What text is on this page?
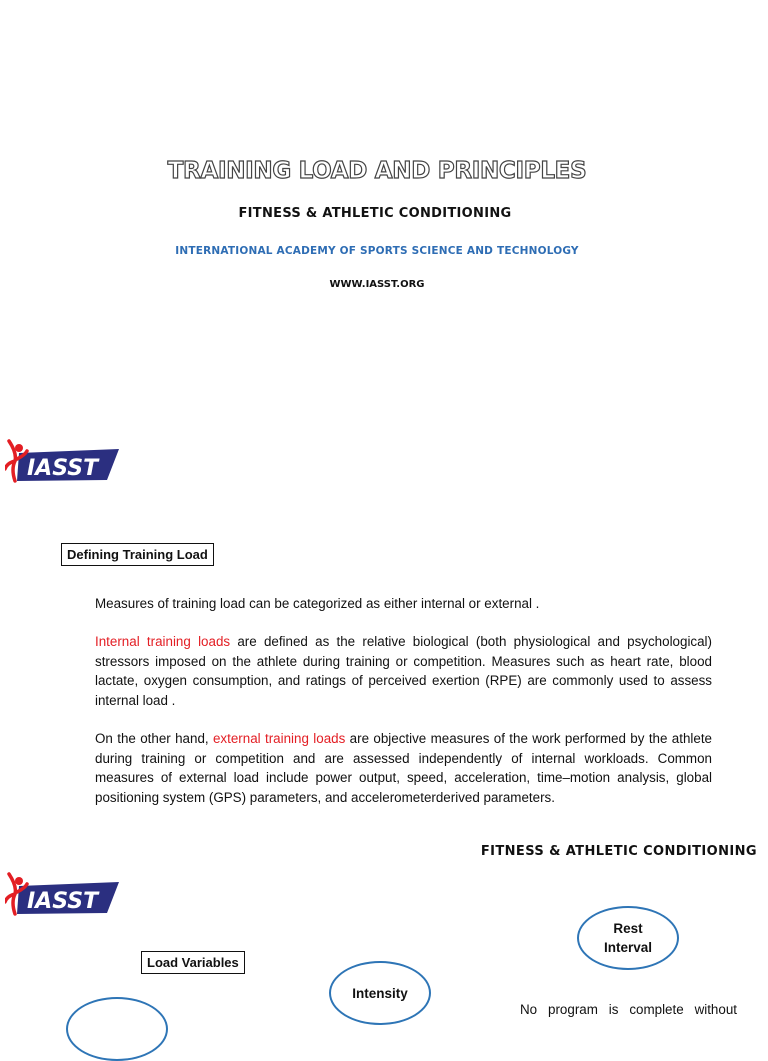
TRAINING LOAD AND PRINCIPLES
FITNESS & ATHLETIC CONDITIONING
INTERNATIONAL ACADEMY OF SPORTS SCIENCE AND TECHNOLOGY
WWW.IASST.ORG
IASST
Defining Training Load
Measures of training load can be categorized as either internal or external .
Internal training loads are defined as the relative biological (both physiological and psychological) stressors imposed on the athlete during training or competition. Measures such as heart rate, blood lactate, oxygen consumption, and ratings of perceived exertion (RPE) are commonly used to assess internal load .
On the other hand, external training loads are objective measures of the work performed by the athlete during training or competition and are assessed independently of internal workloads. Common measures of external load include power output, speed, acceleration, time–motion analysis, global positioning system (GPS) parameters, and accelerometerderived parameters.
FITNESS & ATHLETIC CONDITIONING
IASST
Load Variables
Rest
Interval
Intensity
No program is complete without
